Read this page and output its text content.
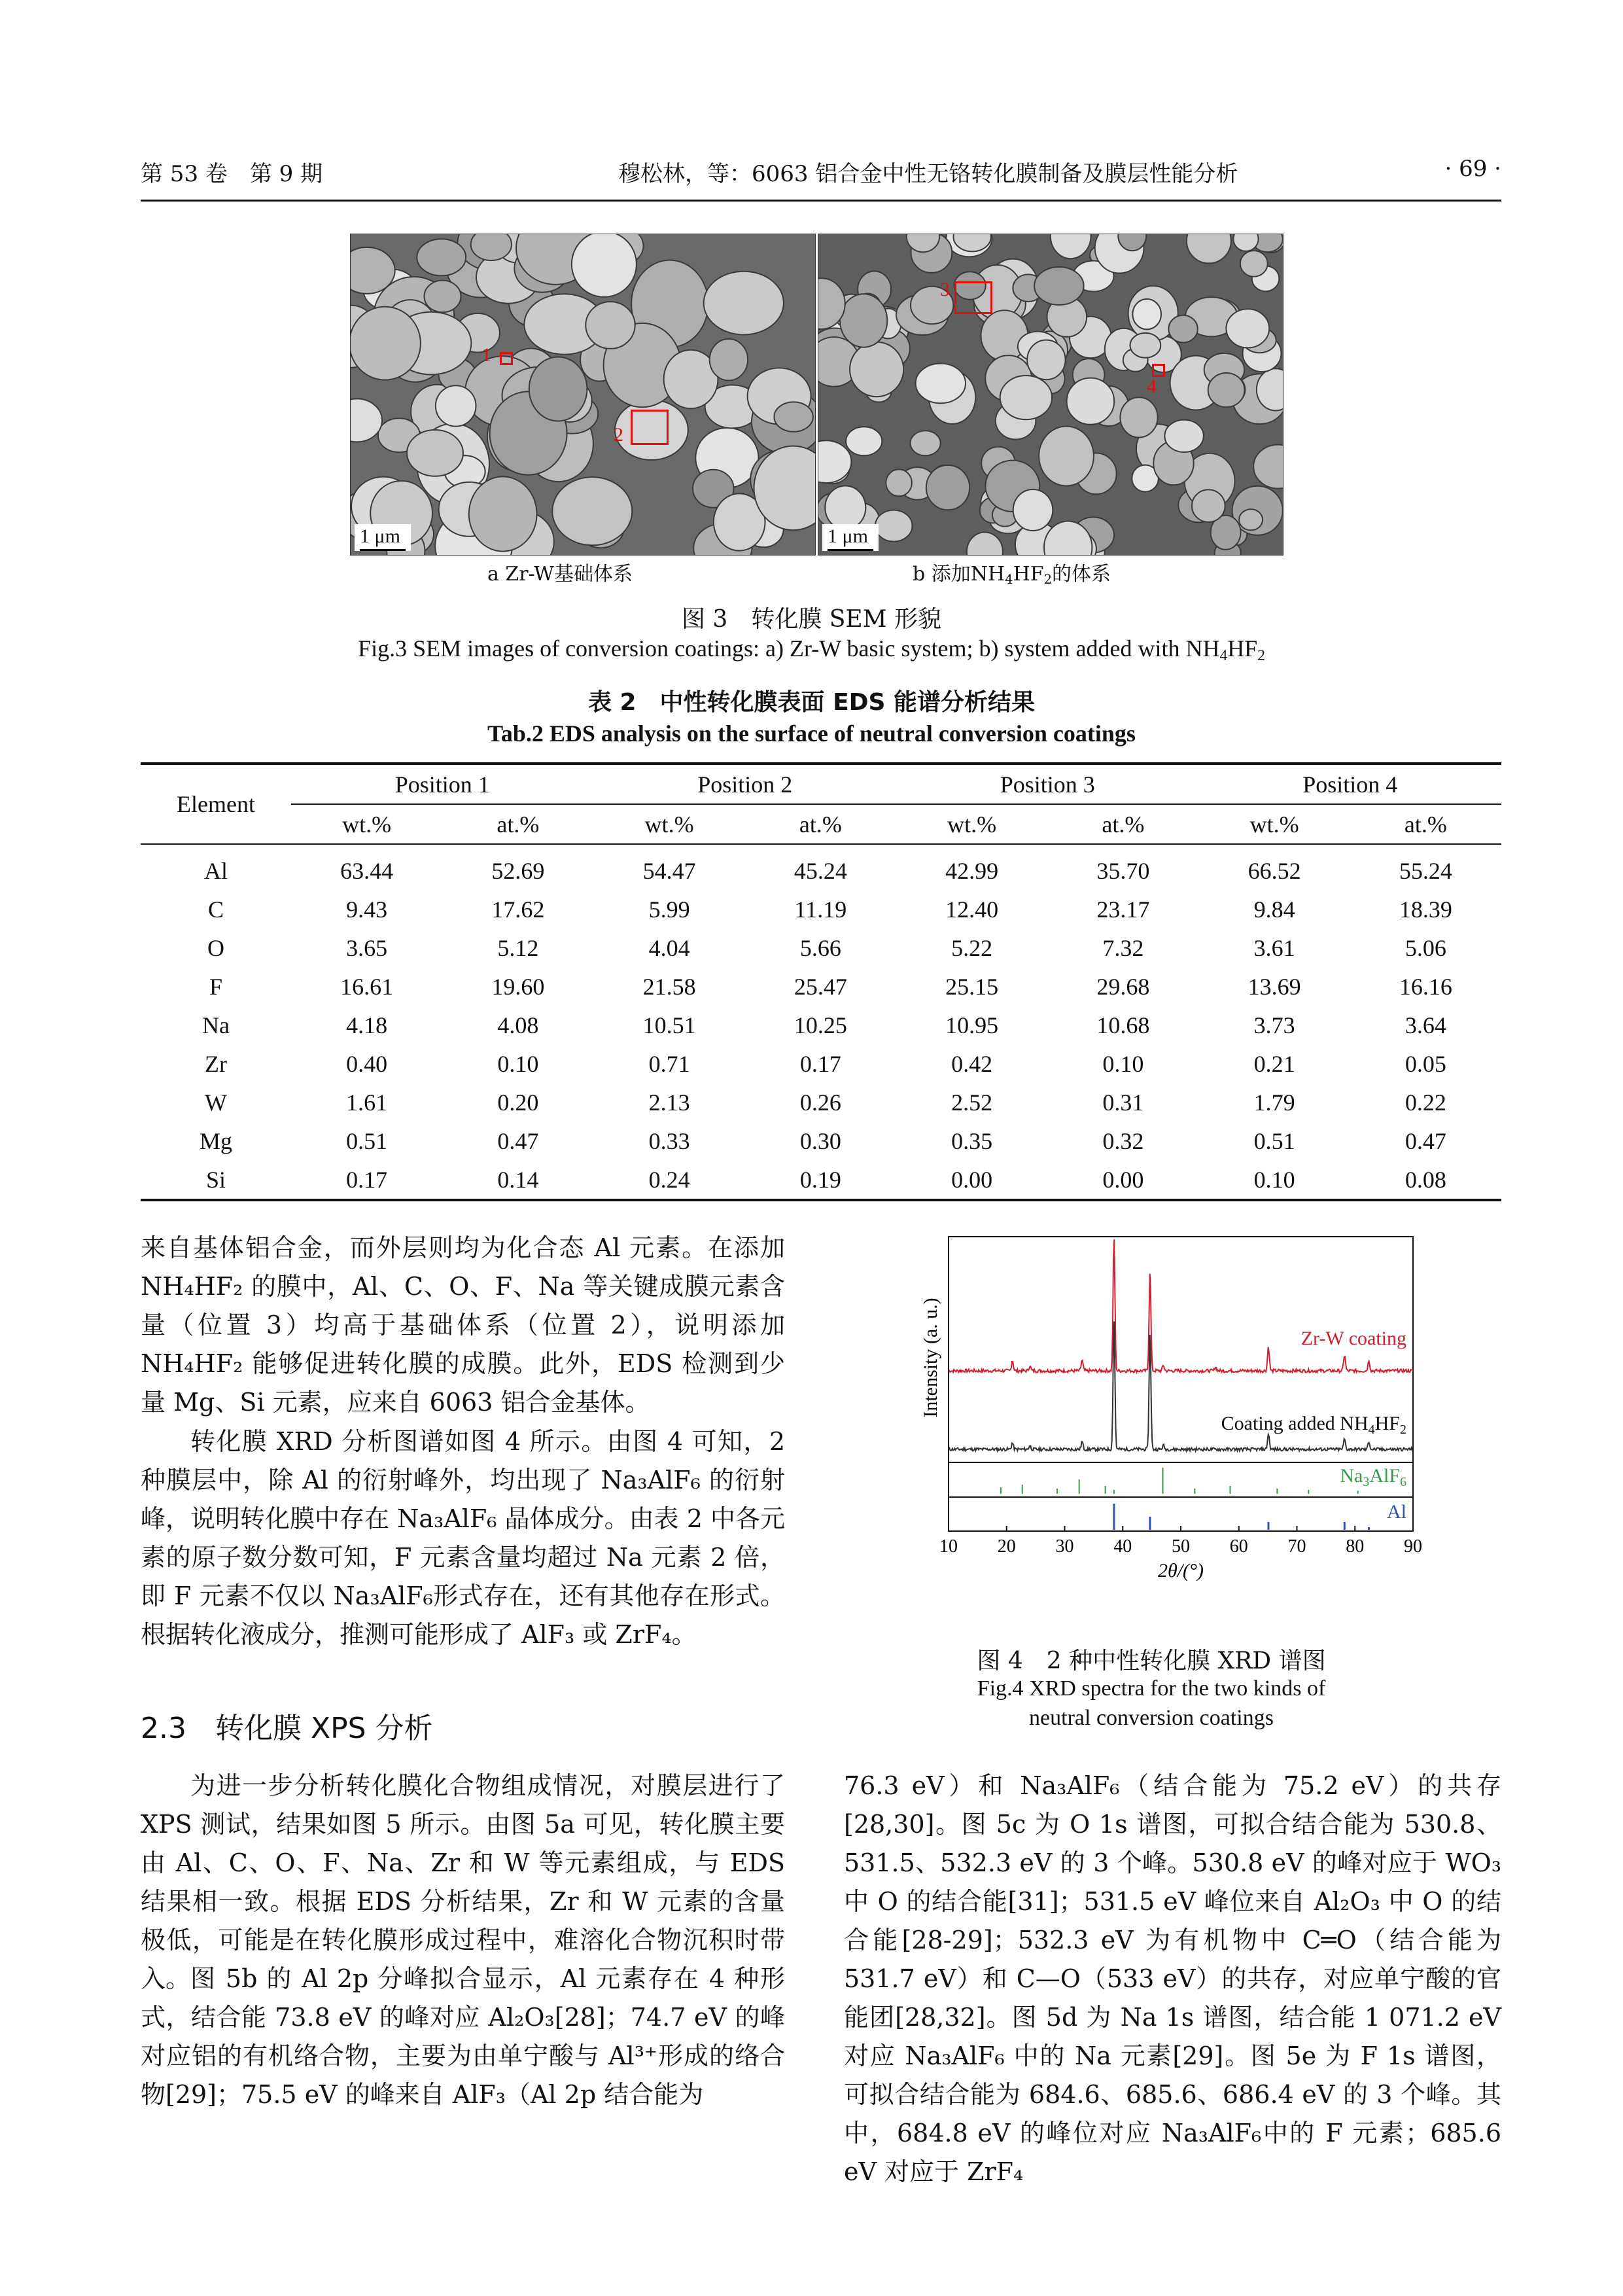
第 53 卷　第 9 期	穆松林，等：6063 铝合金中性无铬转化膜制备及膜层性能分析	· 69 ·
1
2
1 μm
3
4
1 μm
a Zr-W基础体系	b 添加$NH_4HF_2$的体系
图 3　转化膜 SEM 形貌
Fig.3 SEM images of conversion coatings: a) Zr-W basic system; b) system added with $NH_4HF_2$
表 2　中性转化膜表面 EDS 能谱分析结果
Tab.2 EDS analysis on the surface of neutral conversion coatings
Element	Position 1		Position 2		Position 3		Position 4	
	wt.%	at.%	wt.%	at.%	wt.%	at.%	wt.%	at.%
Al	63.44	52.69	54.47	45.24	42.99	35.70	66.52	55.24
C	9.43	17.62	5.99	11.19	12.40	23.17	9.84	18.39
O	3.65	5.12	4.04	5.66	5.22	7.32	3.61	5.06
F	16.61	19.60	21.58	25.47	25.15	29.68	13.69	16.16
Na	4.18	4.08	10.51	10.25	10.95	10.68	3.73	3.64
Zr	0.40	0.10	0.71	0.17	0.42	0.10	0.21	0.05
W	1.61	0.20	2.13	0.26	2.52	0.31	1.79	0.22
Mg	0.51	0.47	0.33	0.30	0.35	0.32	0.51	0.47
Si	0.17	0.14	0.24	0.19	0.00	0.00	0.10	0.08
来自基体铝合金，而外层则均为化合态 Al 元素。在添加 NH₄HF₂ 的膜中，Al、C、O、F、Na 等关键成膜元素含量（位置 3）均高于基础体系（位置 2），说明添加 NH₄HF₂ 能够促进转化膜的成膜。此外，EDS 检测到少量 Mg、Si 元素，应来自 6063 铝合金基体。
转化膜 XRD 分析图谱如图 4 所示。由图 4 可知，2 种膜层中，除 Al 的衍射峰外，均出现了 Na₃AlF₆ 的衍射峰，说明转化膜中存在 Na₃AlF₆ 晶体成分。由表 2 中各元素的原子数分数可知，F 元素含量均超过 Na 元素 2 倍，即 F 元素不仅以 Na₃AlF₆形式存在，还有其他存在形式。根据转化液成分，推测可能形成了 AlF₃ 或 ZrF₄。
2.3　转化膜 XPS 分析
为进一步分析转化膜化合物组成情况，对膜层进行了 XPS 测试，结果如图 5 所示。由图 5a 可见，转化膜主要由 Al、C、O、F、Na、Zr 和 W 等元素组成，与 EDS 结果相一致。根据 EDS 分析结果，Zr 和 W 元素的含量极低，可能是在转化膜形成过程中，难溶化合物沉积时带入。 图 5b 的 Al 2p 分峰拟合显示，Al 元素存在 4 种形式，结合能 73.8 eV 的峰对应 Al₂O₃[28]；74.7 eV 的峰对应铝的有机络合物，主要为由单宁酸与 Al³⁺形成的络合物[29]；75.5 eV 的峰来自 AlF₃（Al 2p 结合能为
10 20 30 40 50 60 70 80 90
2θ/(°)
Intensity (a. u.)	Zr-W coating
Coating added $NH_4HF_2$
$Na_3AlF_6$
Al
图 4　2 种中性转化膜 XRD 谱图
Fig.4 XRD spectra for the two kinds of
neutral conversion coatings
76.3 eV）和 Na₃AlF₆（结合能为 75.2 eV）的共存[28,30]。图 5c 为 O 1s 谱图，可拟合结合能为 530.8、531.5、532.3 eV 的 3 个峰。530.8 eV 的峰对应于 WO₃ 中 O 的结合能[31]；531.5 eV 峰位来自 Al₂O₃ 中 O 的结合能[28-29]；532.3 eV 为有机物中 C═O（结合能为 531.7 eV）和 C—O（533 eV）的共存，对应单宁酸的官能团[28,32]。图 5d 为 Na 1s 谱图，结合能 1 071.2 eV 对应 Na₃AlF₆ 中的 Na 元素[29]。图 5e 为 F 1s 谱图，可拟合结合能为 684.6、685.6、686.4 eV 的 3 个峰。其中，684.8 eV 的峰位对应 Na₃AlF₆中的 F 元素；685.6 eV 对应于 ZrF₄
